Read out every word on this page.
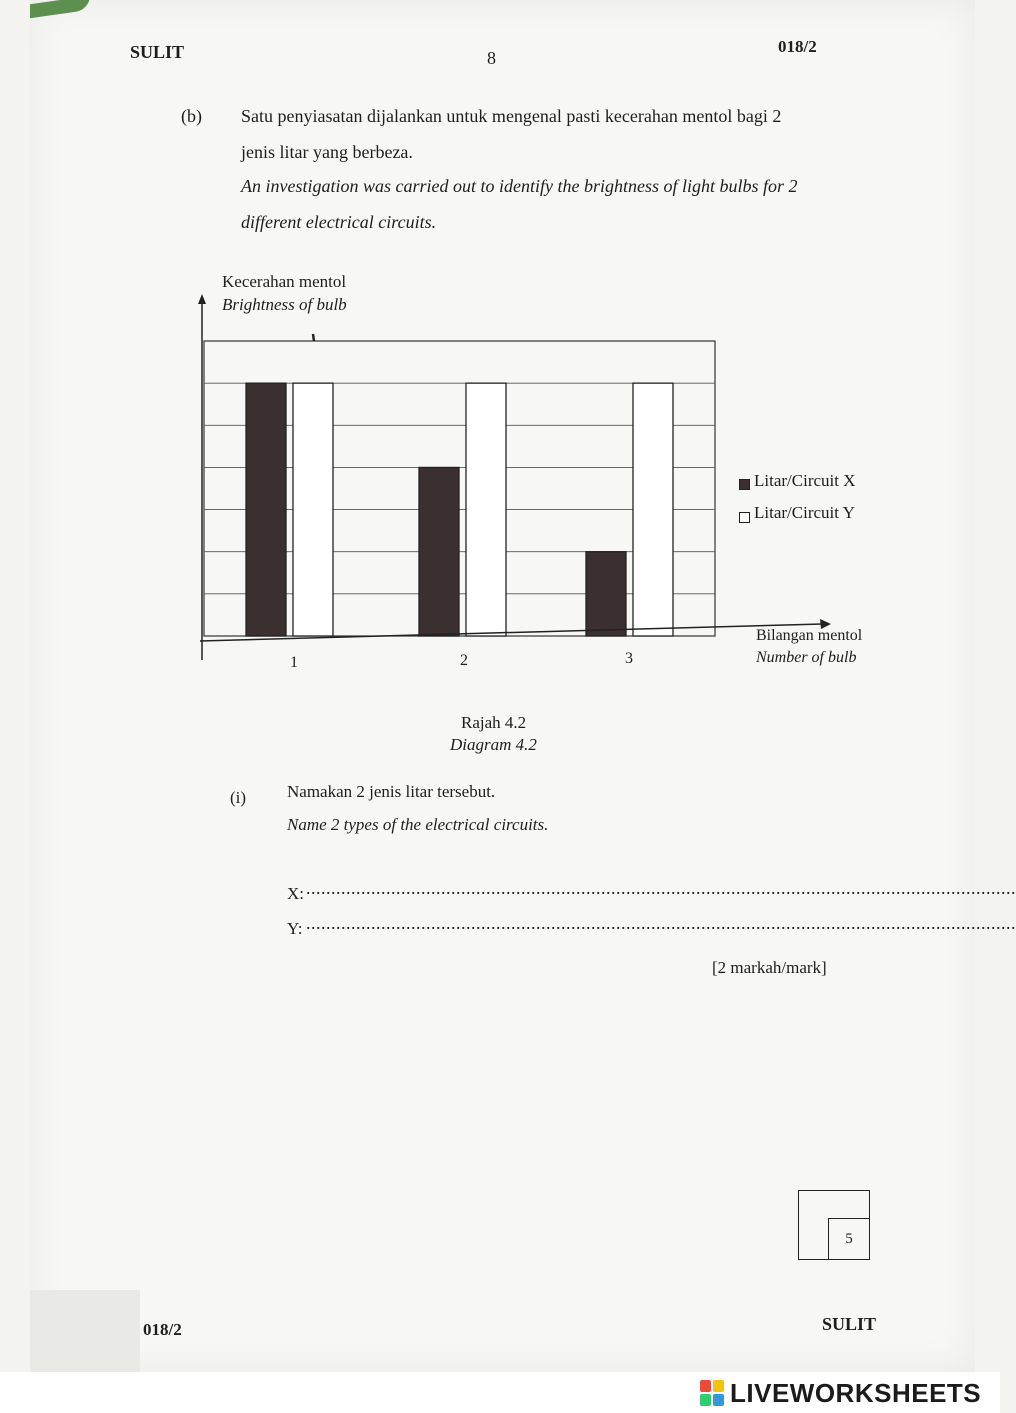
SULIT	8
018/2
(b) Satu penyiasatan dijalankan untuk mengenal pasti kecerahan mentol bagi 2
jenis litar yang berbeza.
An investigation was carried out to identify the brightness of light bulbs for 2
different electrical circuits.
Kecerahan mentol
Brightness of bulb
Bilangan mentol
Number of bulb
1	2	3
Litar/Circuit X
Litar/Circuit Y
Rajah 4.2
Diagram 4.2
(i) Namakan 2 jenis litar tersebut.
Name 2 types of the electrical circuits.
X: ..............................................................................................................................................
Y: ..............................................................................................................................................
[2 markah/mark]
5
018/2	SULIT
LIVEWORKSHEETS
